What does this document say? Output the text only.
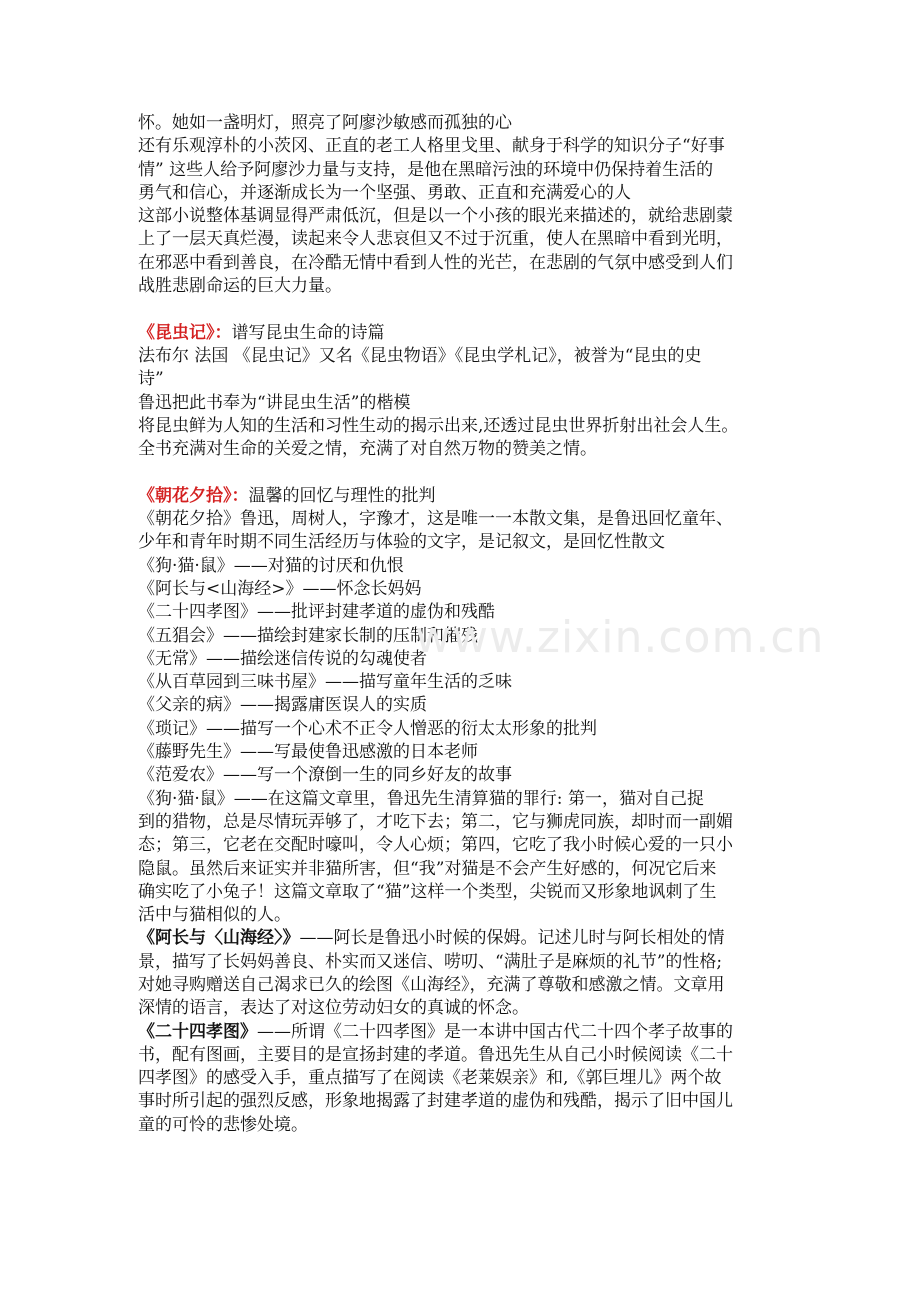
怀。她如一盏明灯，照亮了阿廖沙敏感而孤独的心

还有乐观淳朴的小茨冈、正直的老工人格里戈里、献身于科学的知识分子“好事

情” 这些人给予阿廖沙力量与支持，是他在黑暗污浊的环境中仍保持着生活的

勇气和信心，并逐渐成长为一个坚强、勇敢、正直和充满爱心的人

这部小说整体基调显得严肃低沉，但是以一个小孩的眼光来描述的，就给悲剧蒙

上了一层天真烂漫，读起来令人悲哀但又不过于沉重，使人在黑暗中看到光明，

在邪恶中看到善良，在冷酷无情中看到人性的光芒，在悲剧的气氛中感受到人们

战胜悲剧命运的巨大力量。

《昆虫记》：谱写昆虫生命的诗篇

法布尔 法国 《昆虫记》又名《昆虫物语》《昆虫学札记》，被誉为“昆虫的史

诗”

鲁迅把此书奉为“讲昆虫生活”的楷模

将昆虫鲜为人知的生活和习性生动的揭示出来,还透过昆虫世界折射出社会人生。

全书充满对生命的关爱之情，充满了对自然万物的赞美之情。

《朝花夕拾》：温馨的回忆与理性的批判

《朝花夕拾》鲁迅，周树人，字豫才，这是唯一一本散文集，是鲁迅回忆童年、

少年和青年时期不同生活经历与体验的文字，是记叙文，是回忆性散文

《狗·猫·鼠》——对猫的讨厌和仇恨

《阿长与<山海经>》——怀念长妈妈

《二十四孝图》——批评封建孝道的虚伪和残酷

《五猖会》——描绘封建家长制的压制和摧残

《无常》——描绘迷信传说的勾魂使者

《从百草园到三味书屋》——描写童年生活的乏味

《父亲的病》——揭露庸医误人的实质

《琐记》——描写一个心术不正令人憎恶的衍太太形象的批判

《藤野先生》——写最使鲁迅感激的日本老师

《范爱农》——写一个潦倒一生的同乡好友的故事

《狗·猫·鼠》——在这篇文章里，鲁迅先生清算猫的罪行: 第一，猫对自己捉

到的猎物，总是尽情玩弄够了，才吃下去；第二，它与狮虎同族，却时而一副媚

态；第三，它老在交配时嚎叫，令人心烦；第四，它吃了我小时候心爱的一只小

隐鼠。虽然后来证实并非猫所害，但“我”对猫是不会产生好感的，何况它后来

确实吃了小兔子！这篇文章取了“猫”这样一个类型，尖锐而又形象地讽刺了生

活中与猫相似的人。

《阿长与〈山海经〉》——阿长是鲁迅小时候的保姆。记述儿时与阿长相处的情

景，描写了长妈妈善良、朴实而又迷信、唠叨、“满肚子是麻烦的礼节”的性格;

对她寻购赠送自己渴求已久的绘图《山海经》，充满了尊敬和感激之情。文章用

深情的语言，表达了对这位劳动妇女的真诚的怀念。

《二十四孝图》——所谓《二十四孝图》是一本讲中国古代二十四个孝子故事的

书，配有图画，主要目的是宣扬封建的孝道。鲁迅先生从自己小时候阅读《二十

四孝图》的感受入手，重点描写了在阅读《老莱娱亲》和,《郭巨埋儿》两个故

事时所引起的强烈反感，形象地揭露了封建孝道的虚伪和残酷，揭示了旧中国儿

童的可怜的悲惨处境。

www.zixin.com.cn
